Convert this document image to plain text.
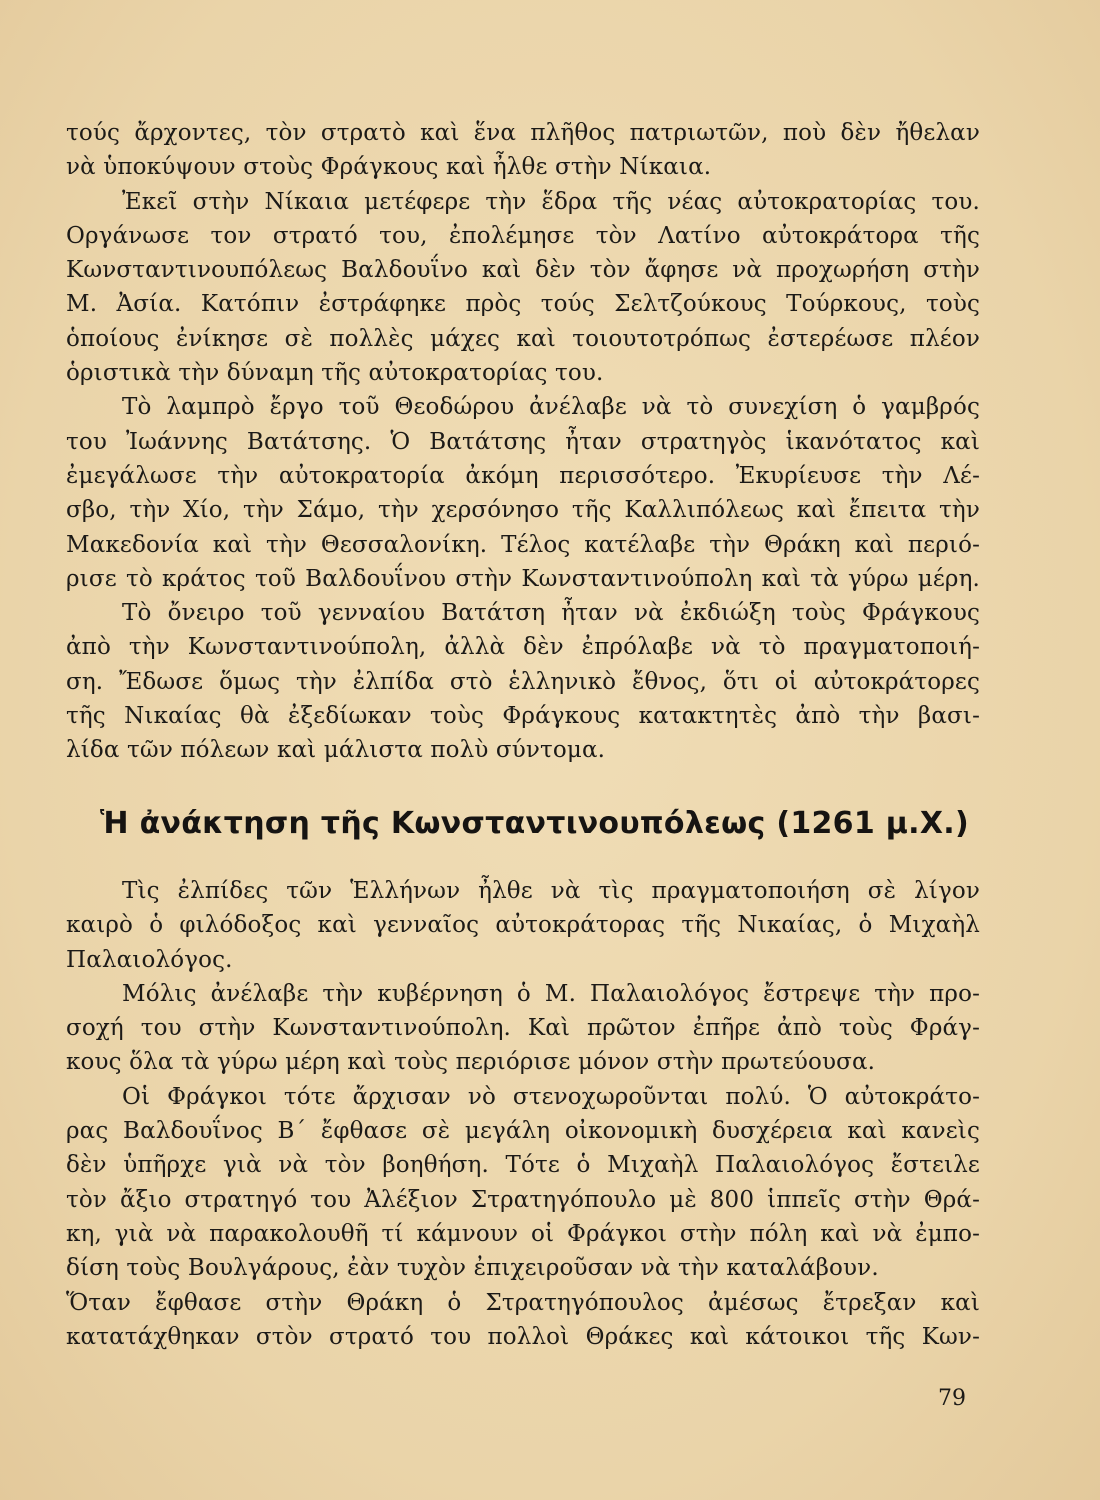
τούς ἄρχοντες, τὸν στρατὸ καὶ ἕνα πλῆθος πατριωτῶν, ποὺ δὲν ἤθελαν
νὰ ὑποκύψουν στοὺς Φράγκους καὶ ἦλθε στὴν Νίκαια.
Ἐκεῖ στὴν Νίκαια μετέφερε τὴν ἕδρα τῆς νέας αὐτοκρατορίας του.
Οργάνωσε τον στρατό του, ἐπολέμησε τὸν Λατίνο αὐτοκράτορα τῆς
Κωνσταντινουπόλεως Βαλδουΐνο καὶ δὲν τὸν ἄφησε νὰ προχωρήση στὴν
Μ. Ἀσία. Κατόπιν ἐστράφηκε πρὸς τούς Σελτζούκους Τούρκους, τοὺς
ὁποίους ἐνίκησε σὲ πολλὲς μάχες καὶ τοιουτοτρόπως ἐστερέωσε πλέον
ὁριστικὰ τὴν δύναμη τῆς αὐτοκρατορίας του.
Τὸ λαμπρὸ ἔργο τοῦ Θεοδώρου ἀνέλαβε νὰ τὸ συνεχίση ὁ γαμβρός
του Ἰωάννης Βατάτσης. Ὁ Βατάτσης ἦταν στρατηγὸς ἱκανότατος καὶ
ἐμεγάλωσε τὴν αὐτοκρατορία ἀκόμη περισσότερο. Ἐκυρίευσε τὴν Λέ-
σβο, τὴν Χίο, τὴν Σάμο, τὴν χερσόνησο τῆς Καλλιπόλεως καὶ ἔπειτα τὴν
Μακεδονία καὶ τὴν Θεσσαλονίκη. Τέλος κατέλαβε τὴν Θράκη καὶ περιό-
ρισε τὸ κράτος τοῦ Βαλδουΐνου στὴν Κωνσταντινούπολη καὶ τὰ γύρω μέρη.
Τὸ ὄνειρο τοῦ γενναίου Βατάτση ἦταν νὰ ἐκδιώξη τοὺς Φράγκους
ἀπὸ τὴν Κωνσταντινούπολη, ἀλλὰ δὲν ἐπρόλαβε νὰ τὸ πραγματοποιή-
ση. Ἔδωσε ὅμως τὴν ἐλπίδα στὸ ἑλληνικὸ ἔθνος, ὅτι οἱ αὐτοκράτορες
τῆς Νικαίας θὰ ἐξεδίωκαν τοὺς Φράγκους κατακτητὲς ἀπὸ τὴν βασι-
λίδα τῶν πόλεων καὶ μάλιστα πολὺ σύντομα.
Ἡ ἀνάκτηση τῆς Κωνσταντινουπόλεως (1261 μ.Χ.)
Τὶς ἐλπίδες τῶν Ἑλλήνων ἦλθε νὰ τὶς πραγματοποιήση σὲ λίγον
καιρὸ ὁ φιλόδοξος καὶ γενναῖος αὐτοκράτορας τῆς Νικαίας, ὁ Μιχαὴλ
Παλαιολόγος.
Μόλις ἀνέλαβε τὴν κυβέρνηση ὁ Μ. Παλαιολόγος ἔστρεψε τὴν προ-
σοχή του στὴν Κωνσταντινούπολη. Καὶ πρῶτον ἐπῆρε ἀπὸ τοὺς Φράγ-
κους ὅλα τὰ γύρω μέρη καὶ τοὺς περιόρισε μόνον στὴν πρωτεύουσα.
Οἱ Φράγκοι τότε ἄρχισαν νὸ στενοχωροῦνται πολύ. Ὁ αὐτοκράτο-
ρας Βαλδουΐνος Β΄ ἔφθασε σὲ μεγάλη οἰκονομικὴ δυσχέρεια καὶ κανεὶς
δὲν ὑπῆρχε γιὰ νὰ τὸν βοηθήση. Τότε ὁ Μιχαὴλ Παλαιολόγος ἔστειλε
τὸν ἄξιο στρατηγό του Ἀλέξιον Στρατηγόπουλο μὲ 800 ἱππεῖς στὴν Θρά-
κη, γιὰ νὰ παρακολουθῆ τί κάμνουν οἱ Φράγκοι στὴν πόλη καὶ νὰ ἐμπο-
δίση τοὺς Βουλγάρους, ἐὰν τυχὸν ἐπιχειροῦσαν νὰ τὴν καταλάβουν.
Ὅταν ἔφθασε στὴν Θράκη ὁ Στρατηγόπουλος ἀμέσως ἔτρεξαν καὶ
κατατάχθηκαν στὸν στρατό του πολλοὶ Θράκες καὶ κάτοικοι τῆς Κων-
79
